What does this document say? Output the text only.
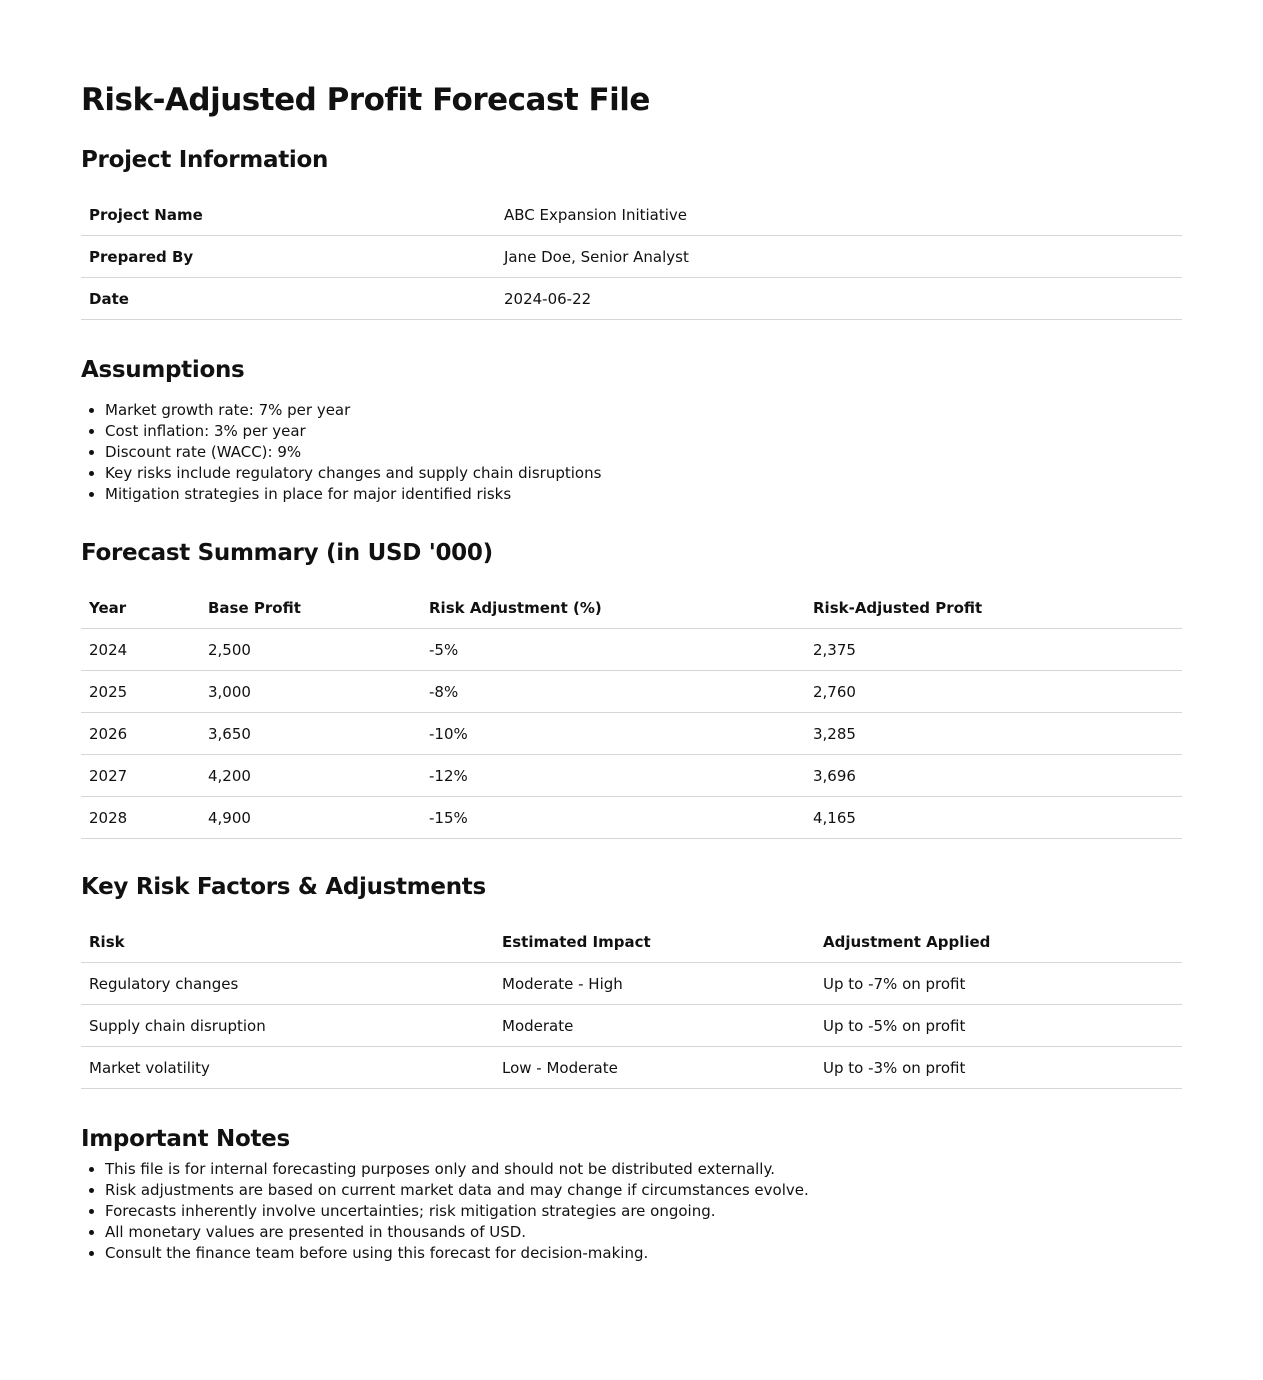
Risk-Adjusted Profit Forecast File
Project Information
Project Name	ABC Expansion Initiative
Prepared By	Jane Doe, Senior Analyst
Date	2024-06-22
Assumptions
• Market growth rate: 7% per year
• Cost inflation: 3% per year
• Discount rate (WACC): 9%
• Key risks include regulatory changes and supply chain disruptions
• Mitigation strategies in place for major identified risks
Forecast Summary (in USD '000)
Year	Base Profit	Risk Adjustment (%)	Risk-Adjusted Profit
2024	2,500	-5%	2,375
2025	3,000	-8%	2,760
2026	3,650	-10%	3,285
2027	4,200	-12%	3,696
2028	4,900	-15%	4,165
Key Risk Factors & Adjustments
Risk	Estimated Impact	Adjustment Applied
Regulatory changes	Moderate - High	Up to -7% on profit
Supply chain disruption	Moderate	Up to -5% on profit
Market volatility	Low - Moderate	Up to -3% on profit
Important Notes
• This file is for internal forecasting purposes only and should not be distributed externally.
• Risk adjustments are based on current market data and may change if circumstances evolve.
• Forecasts inherently involve uncertainties; risk mitigation strategies are ongoing.
• All monetary values are presented in thousands of USD.
• Consult the finance team before using this forecast for decision-making.
